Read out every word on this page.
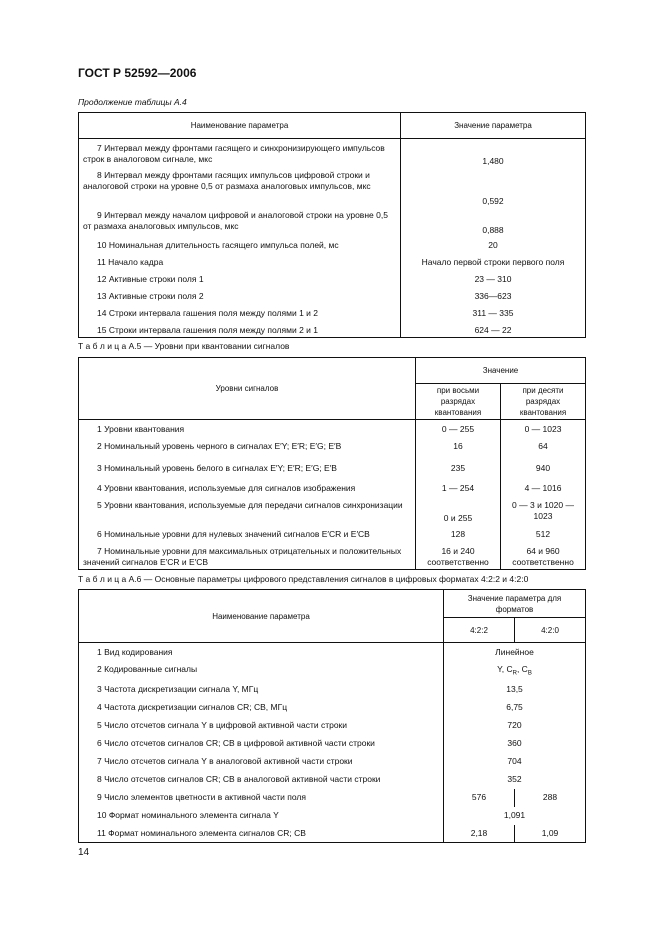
ГОСТ Р 52592—2006
Продолжение таблицы А.4
Наименование параметра	Значение параметра
7 Интервал между фронтами гасящего и синхронизирующего импульсов строк в аналоговом сигнале, мкс	1,480
8 Интервал между фронтами гасящих импульсов цифровой строки и аналоговой строки на уровне 0,5 от размаха аналоговых импульсов, мкс	0,592
9 Интервал между началом цифровой и аналоговой строки на уровне 0,5 от размаха аналоговых импульсов, мкс	0,888
10 Номинальная длительность гасящего импульса полей, мс	20
11 Начало кадра	Начало первой строки первого поля
12 Активные строки поля 1	23 — 310
13 Активные строки поля 2	336—623
14 Строки интервала гашения поля между полями 1 и 2	311 — 335
15 Строки интервала гашения поля между полями 2 и 1	624 — 22
Т а б л и ц а А.5 — Уровни при квантовании сигналов
Уровни сигналов	Значение	
	при восьми разрядах квантования	при десяти разрядах квантования
1 Уровни квантования	0 — 255	0 — 1023
2 Номинальный уровень черного в сигналах E′Y; E′R; E′G; E′B	16	64
3 Номинальный уровень белого в сигналах E′Y; E′R; E′G; E′B	235	940
4 Уровни квантования, используемые для сигналов изображения	1 — 254	4 — 1016
5 Уровни квантования, используемые для передачи сигналов синхронизации	0 и 255	0 — 3 и 1020 — 1023
6 Номинальные уровни для нулевых значений сигналов E′CR и E′CB	128	512
7 Номинальные уровни для максимальных отрицательных и положительных значений сигналов E′CR и E′CB	16 и 240 соответственно	64 и 960 соответственно
Т а б л и ц а А.6 — Основные параметры цифрового представления сигналов в цифровых форматах 4:2:2 и 4:2:0
Наименование параметра	Значение параметра для форматов	
	4:2:2	4:2:0
1 Вид кодирования	Линейное	
2 Кодированные сигналы	Y, $C_R$, $C_B$
3 Частота дискретизации сигнала Y, МГц	13,5	
4 Частота дискретизации сигналов CR; CB, МГц	6,75	
5 Число отсчетов сигнала Y в цифровой активной части строки	720	
6 Число отсчетов сигналов CR; CB в цифровой активной части строки	360	
7 Число отсчетов сигнала Y в аналоговой активной части строки	704	
8 Число отсчетов сигналов CR; CB в аналоговой активной части строки	352	
9 Число элементов цветности в активной части поля	576	288
10 Формат номинального элемента сигнала Y	1,091	
11 Формат номинального элемента сигналов CR; CB	2,18	1,09
14
